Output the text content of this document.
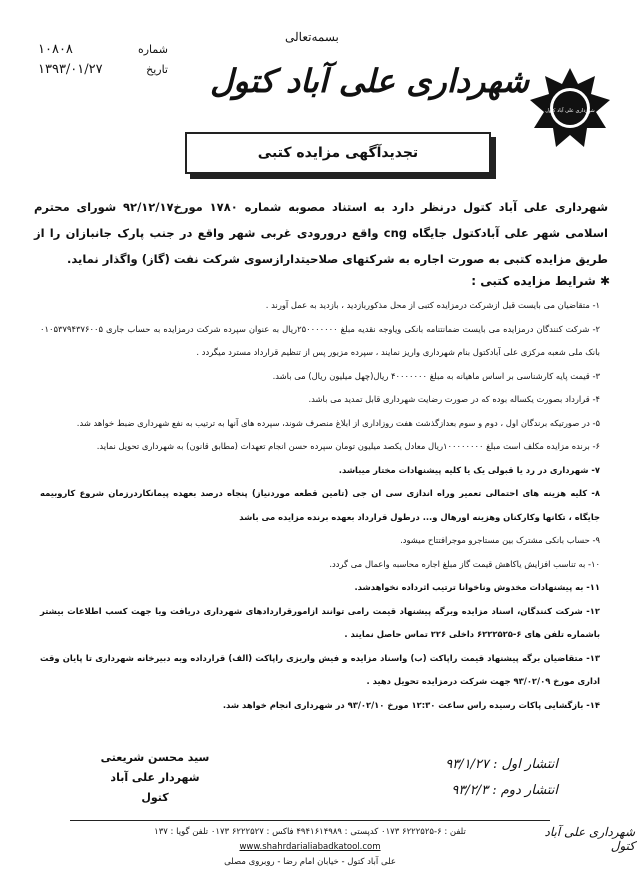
شماره
۱۰۸۰۸
تاریخ
۱۳۹۳/۰۱/۲۷
بسمه‌تعالی
شهرداری علی آباد کتول
شهرداری علی آباد کتول
تجدیدآگهی مزایده کتبی
شهرداری علی آباد کتول درنظر دارد به استناد مصوبه شماره ۱۷۸۰ مورخ۹۲/۱۲/۱۷ شورای محترم اسلامی شهر علی آبادکتول جایگاه cng واقع درورودی غربی شهر واقع در جنب پارک جانبازان را از طریق مزایده کتبی به صورت اجاره به شرکتهای صلاحیتدارازسوی شرکت نفت (گاز) واگذار نماید.
✱ شرایط مزایده کتبی :
۱- متقاضیان می بایست قبل ازشرکت درمزایده کتبی از محل مذکوربازدید ، بازدید به عمل آورند .
۲- شرکت کنندگان درمزایده می بایست ضمانتنامه بانکی ویاوجه نقدیه مبلغ ۲۵۰۰۰۰۰۰۰ریال به عنوان سپرده شرکت درمزایده به حساب جاری ۰۱۰۵۳۷۹۴۳۷۶۰۰۵ بانک ملی شعبه مرکزی علی آبادکتول بنام شهرداری واریز نمایند ، سپرده مزبور پس از تنظیم قرارداد مسترد میگردد .
۳- قیمت پایه کارشناسی بر اساس ماهیانه به مبلغ ۴۰۰۰۰۰۰۰ ریال(چهل میلیون ریال) می باشد.
۴- قرارداد بصورت یکساله بوده که در صورت رضایت شهرداری قابل تمدید می باشد.
۵- در صورتیکه برندگان اول ، دوم و سوم بعدازگذشت هفت روزاداری از ابلاغ منصرف شوند، سپرده های آنها به ترتیب به نفع شهرداری ضبط خواهد شد.
۶- برنده مزایده مکلف است مبلغ ۱۰۰۰۰۰۰۰۰ریال معادل یکصد میلیون تومان سپرده حسن انجام تعهدات (مطابق قانون) به شهرداری تحویل نماید.
۷- شهرداری در رد یا قبولی یک یا کلیه پیشنهادات مختار میباشد.
۸- کلیه هزینه های احتمالی تعمیر وراه اندازی سی ان جی (تامین قطعه موردنیاز) پنجاه درصد بعهده پیمانکاردرزمان شروع کاروبیمه جایگاه ، تکانها وکارکنان وهزینه اورهال و... درطول قرارداد بعهده برنده مزایده می باشد
۹- حساب بانکی مشترک بین مستاجرو موجرافتتاح میشود.
۱۰- به تناسب افزایش یاکاهش قیمت گاز مبلغ اجاره محاسبه واعمال می گردد.
۱۱- به پیشنهادات مخدوش وناخوانا ترتیب اثرداده نخواهدشد.
۱۲- شرکت کنندگان، اسناد مزایده وبرگه پیشنهاد قیمت رامی توانند ازامورقراردادهای شهرداری دریافت ویا جهت کسب اطلاعات بیشتر باشماره تلفن های ۶-۶۲۲۲۵۲۵ داخلی ۲۲۶ تماس حاصل نمایند .
۱۳- متقاضیان برگه پیشنهاد قیمت راپاکت (ب) واسناد مزایده و فیش واریزی راپاکت (الف) قرارداده وبه دبیرخانه شهرداری تا پایان وقت اداری مورخ ۹۳/۰۲/۰۹ جهت شرکت درمزایده تحویل دهید .
۱۴- بازگشایی پاکات رسیده راس ساعت ۱۲:۳۰ مورخ ۹۳/۰۲/۱۰ در شهرداری انجام خواهد شد.
سید محسن شریعتی
شهردار علی آباد کتول
انتشار اول : ۹۳/۱/۲۷
انتشار دوم : ۹۳/۲/۳
تلفن : ۶-۶۲۲۲۵۲۵ ۰۱۷۳ کدپستی : ۴۹۴۱۶۱۴۹۸۹ فاکس : ۶۲۲۲۵۲۷ ۰۱۷۳ تلفن گویا : ۱۳۷
www.shahrdarialiabadkatool.com
علی آباد کتول - خیابان امام رضا - روبروی مصلی
شهرداری علی آباد کتول
